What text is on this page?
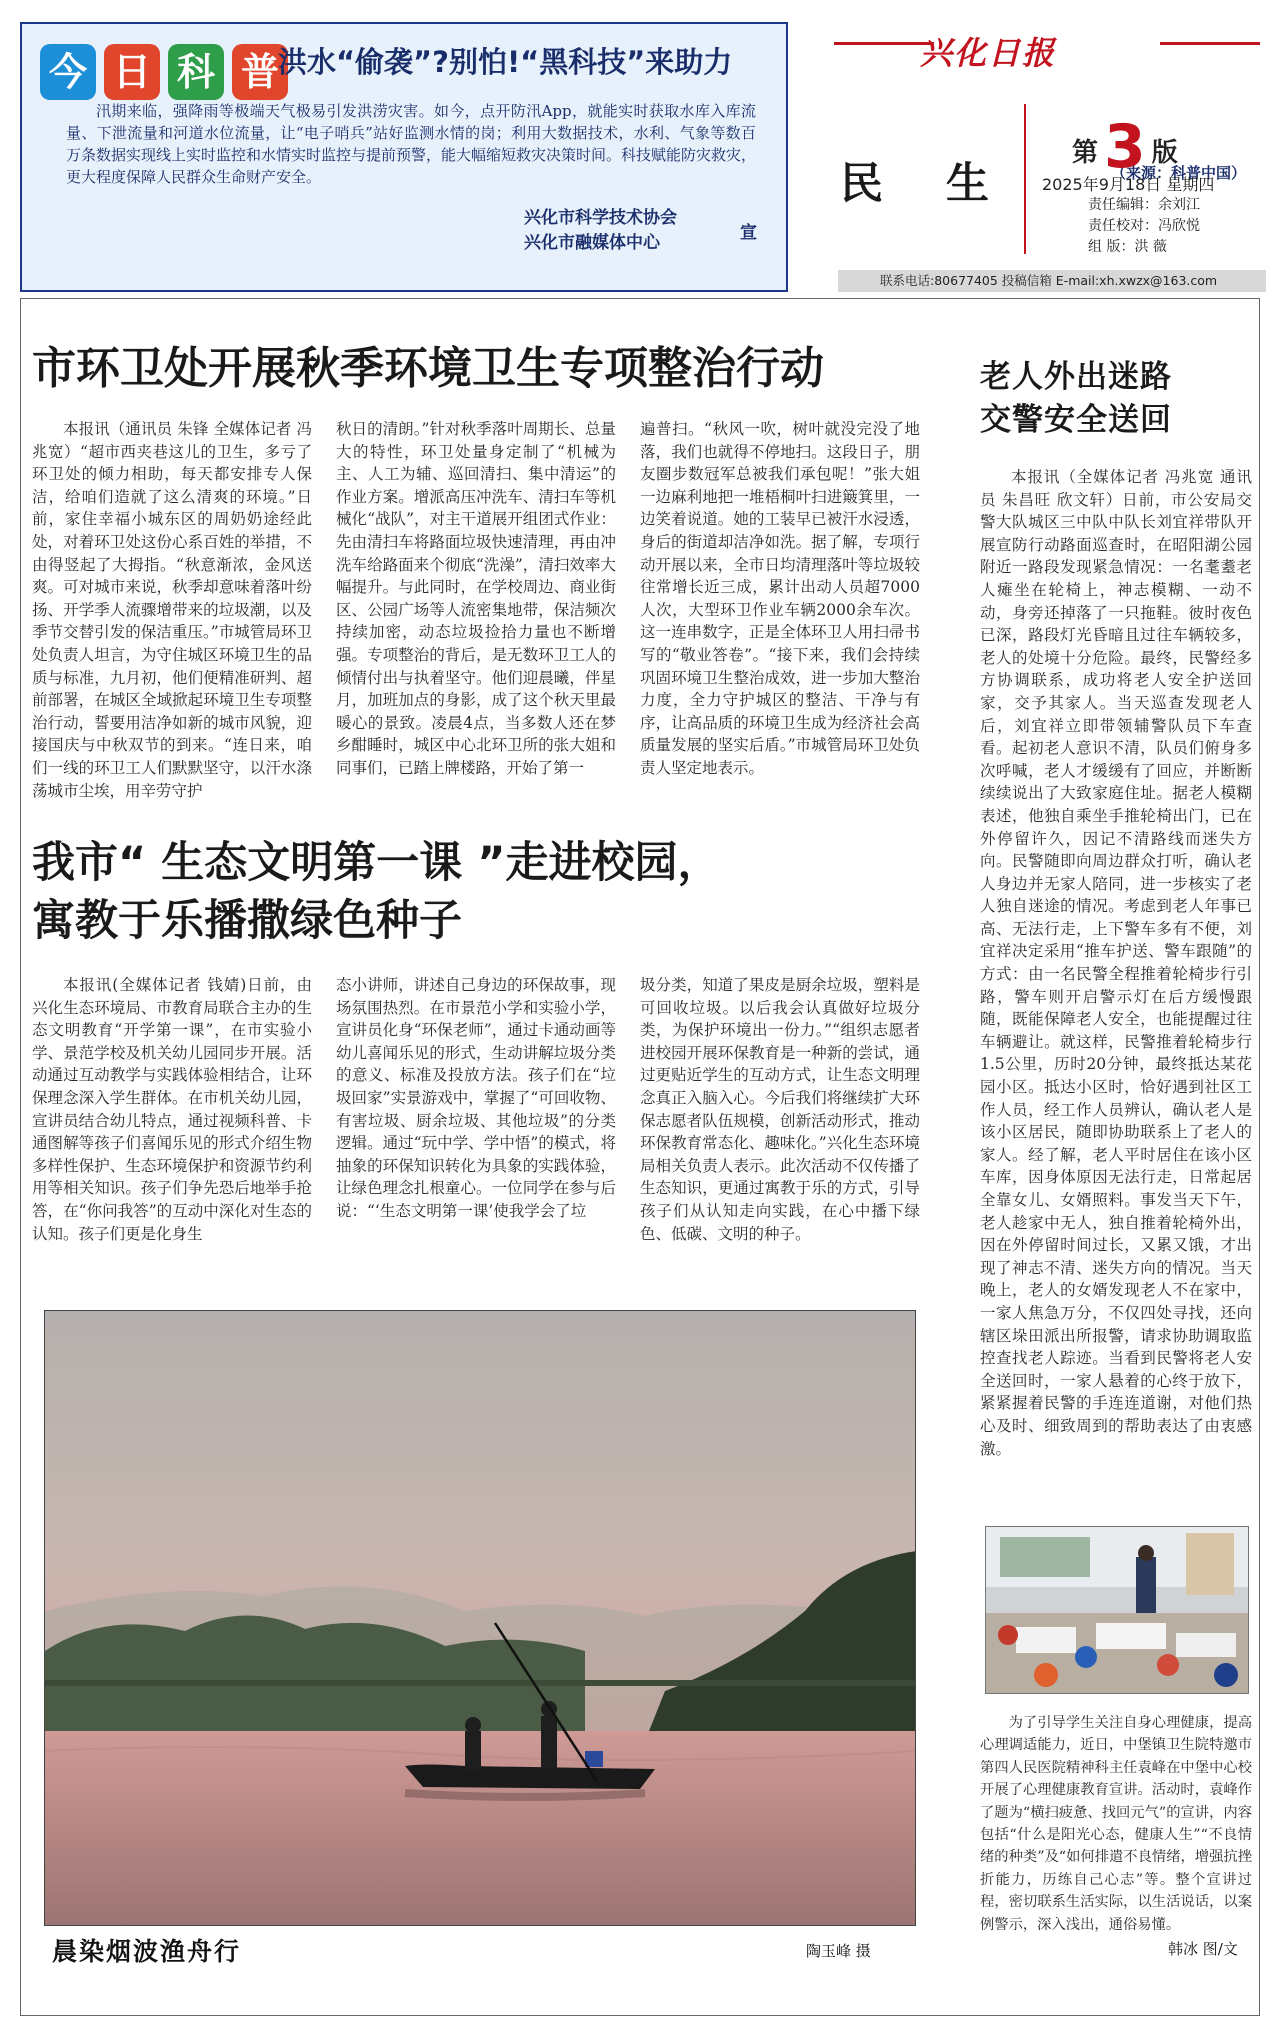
今 日 科 普 洪水“偷袭”?别怕!“黑科技”来助力

汛期来临，强降雨等极端天气极易引发洪涝灾害。如今，点开防汛App，就能实时获取水库入库流量、下泄流量和河道水位流量，让“电子哨兵”站好监测水情的岗；利用大数据技术，水利、气象等数百万条数据实现线上实时监控和水情实时监控与提前预警，能大幅缩短救灾决策时间。科技赋能防灾救灾，更大程度保障人民群众生命财产安全。	（来源：科普中国）
兴化市科学技术协会
兴化市融媒体中心	宣
兴化日报
民 生
第 3 版
2025年9月18日 星期四
责任编辑：余刘江
责任校对：冯欣悦
组 版：洪 薇
联系电话:80677405 投稿信箱 E-mail:xh.xwzx@163.com
市环卫处开展秋季环境卫生专项整治行动

本报讯（通讯员 朱锋 全媒体记者 冯兆宽）“超市西夹巷这儿的卫生，多亏了环卫处的倾力相助，每天都安排专人保洁，给咱们造就了这么清爽的环境。”日前，家住幸福小城东区的周奶奶途经此处，对着环卫处这份心系百姓的举措，不由得竖起了大拇指。“秋意渐浓，金风送爽。可对城市来说，秋季却意味着落叶纷扬、开学季人流骤增带来的垃圾潮，以及季节交替引发的保洁重压。”市城管局环卫处负责人坦言，为守住城区环境卫生的品质与标准，九月初，他们便精准研判、超前部署，在城区全域掀起环境卫生专项整治行动，誓要用洁净如新的城市风貌，迎接国庆与中秋双节的到来。“连日来，咱们一线的环卫工人们默默坚守，以汗水涤荡城市尘埃，用辛劳守护

秋日的清朗。”针对秋季落叶周期长、总量大的特性，环卫处量身定制了“机械为主、人工为辅、巡回清扫、集中清运”的作业方案。增派高压冲洗车、清扫车等机械化“战队”，对主干道展开组团式作业：先由清扫车将路面垃圾快速清理，再由冲洗车给路面来个彻底“洗澡”，清扫效率大幅提升。与此同时，在学校周边、商业街区、公园广场等人流密集地带，保洁频次持续加密，动态垃圾捡拾力量也不断增强。专项整治的背后，是无数环卫工人的倾情付出与执着坚守。他们迎晨曦，伴星月，加班加点的身影，成了这个秋天里最暖心的景致。凌晨4点，当多数人还在梦乡酣睡时，城区中心北环卫所的张大姐和同事们，已踏上牌楼路，开始了第一

遍普扫。“秋风一吹，树叶就没完没了地落，我们也就得不停地扫。这段日子，朋友圈步数冠军总被我们承包呢！”张大姐一边麻利地把一堆梧桐叶扫进簸箕里，一边笑着说道。她的工装早已被汗水浸透，身后的街道却洁净如洗。据了解，专项行动开展以来，全市日均清理落叶等垃圾较往常增长近三成，累计出动人员超7000人次，大型环卫作业车辆2000余车次。这一连串数字，正是全体环卫人用扫帚书写的“敬业答卷”。“接下来，我们会持续巩固环境卫生整治成效，进一步加大整治力度，全力守护城区的整洁、干净与有序，让高品质的环境卫生成为经济社会高质量发展的坚实后盾。”市城管局环卫处负责人坚定地表示。

我市“ 生态文明第一课 ”走进校园，
寓教于乐播撒绿色种子

本报讯(全媒体记者 钱婧)日前，由兴化生态环境局、市教育局联合主办的生态文明教育“开学第一课”，在市实验小学、景范学校及机关幼儿园同步开展。活动通过互动教学与实践体验相结合，让环保理念深入学生群体。在市机关幼儿园，宣讲员结合幼儿特点，通过视频科普、卡通图解等孩子们喜闻乐见的形式介绍生物多样性保护、生态环境保护和资源节约利用等相关知识。孩子们争先恐后地举手抢答，在“你问我答”的互动中深化对生态的认知。孩子们更是化身生

态小讲师，讲述自己身边的环保故事，现场氛围热烈。在市景范小学和实验小学，宣讲员化身“环保老师”，通过卡通动画等幼儿喜闻乐见的形式，生动讲解垃圾分类的意义、标准及投放方法。孩子们在“垃圾回家”实景游戏中，掌握了“可回收物、有害垃圾、厨余垃圾、其他垃圾”的分类逻辑。通过“玩中学、学中悟”的模式，将抽象的环保知识转化为具象的实践体验，让绿色理念扎根童心。一位同学在参与后说：“‘生态文明第一课’使我学会了垃

圾分类，知道了果皮是厨余垃圾，塑料是可回收垃圾。以后我会认真做好垃圾分类，为保护环境出一份力。”“组织志愿者进校园开展环保教育是一种新的尝试，通过更贴近学生的互动方式，让生态文明理念真正入脑入心。今后我们将继续扩大环保志愿者队伍规模，创新活动形式，推动环保教育常态化、趣味化。”兴化生态环境局相关负责人表示。此次活动不仅传播了生态知识，更通过寓教于乐的方式，引导孩子们从认知走向实践，在心中播下绿色、低碳、文明的种子。

晨染烟波渔舟行	陶玉峰 摄
老人外出迷路
交警安全送回

本报讯（全媒体记者 冯兆宽 通讯员 朱昌旺 欣文轩）日前，市公安局交警大队城区三中队中队长刘宜祥带队开展宣防行动路面巡查时，在昭阳湖公园附近一路段发现紧急情况：一名耄耋老人瘫坐在轮椅上，神志模糊、一动不动，身旁还掉落了一只拖鞋。彼时夜色已深，路段灯光昏暗且过往车辆较多，老人的处境十分危险。最终，民警经多方协调联系，成功将老人安全护送回家，交予其家人。当天巡查发现老人后，刘宜祥立即带领辅警队员下车查看。起初老人意识不清，队员们俯身多次呼喊，老人才缓缓有了回应，并断断续续说出了大致家庭住址。据老人模糊表述，他独自乘坐手推轮椅出门，已在外停留许久，因记不清路线而迷失方向。民警随即向周边群众打听，确认老人身边并无家人陪同，进一步核实了老人独自迷途的情况。考虑到老人年事已高、无法行走，上下警车多有不便，刘宜祥决定采用“推车护送、警车跟随”的方式：由一名民警全程推着轮椅步行引路，警车则开启警示灯在后方缓慢跟随，既能保障老人安全，也能提醒过往车辆避让。就这样，民警推着轮椅步行1.5公里，历时20分钟，最终抵达某花园小区。抵达小区时，恰好遇到社区工作人员，经工作人员辨认，确认老人是该小区居民，随即协助联系上了老人的家人。经了解，老人平时居住在该小区车库，因身体原因无法行走，日常起居全靠女儿、女婿照料。事发当天下午，老人趁家中无人，独自推着轮椅外出，因在外停留时间过长，又累又饿，才出现了神志不清、迷失方向的情况。当天晚上，老人的女婿发现老人不在家中，一家人焦急万分，不仅四处寻找，还向辖区垛田派出所报警，请求协助调取监控查找老人踪迹。当看到民警将老人安全送回时，一家人悬着的心终于放下，紧紧握着民警的手连连道谢，对他们热心及时、细致周到的帮助表达了由衷感激。

为了引导学生关注自身心理健康，提高心理调适能力，近日，中堡镇卫生院特邀市第四人民医院精神科主任袁峰在中堡中心校开展了心理健康教育宣讲。活动时，袁峰作了题为“横扫疲惫、找回元气”的宣讲，内容包括“什么是阳光心态，健康人生”“不良情绪的种类”及“如何排遣不良情绪，增强抗挫折能力，历练自己心志”等。整个宣讲过程，密切联系生活实际，以生活说话，以案例警示，深入浅出，通俗易懂。

韩冰 图/文
